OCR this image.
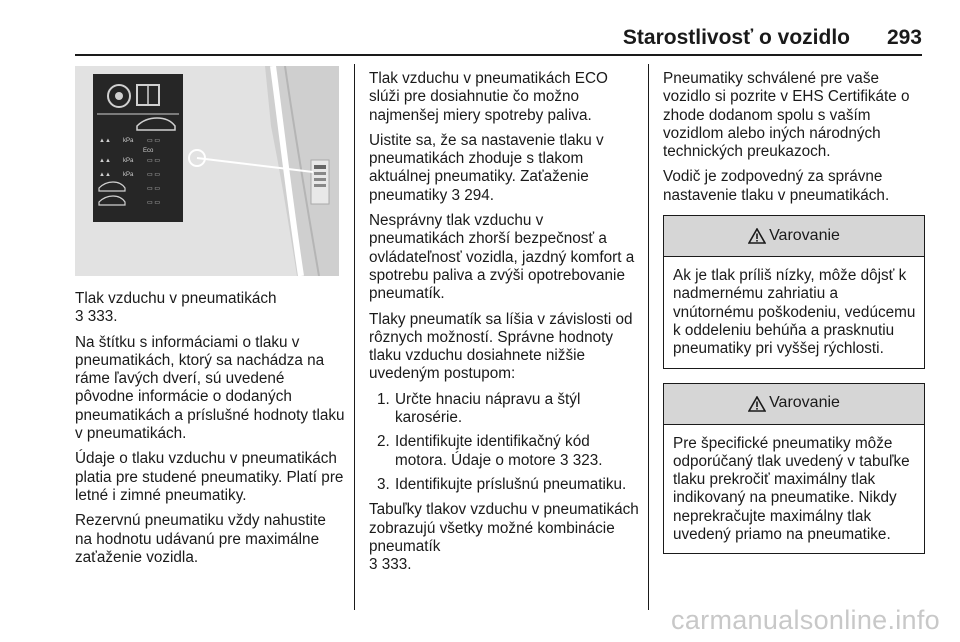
Starostlivosť o vozidlo 293
▲▲ kPa ▭ ▭
Eco
▲▲ kPa ▭ ▭
▲▲ kPa ▭ ▭
▭ ▭
▭ ▭

Tlak vzduchu v pneumatikách
3 333.

Na štítku s informáciami o tlaku v pneumatikách, ktorý sa nachádza na ráme ľavých dverí, sú uvedené pôvodne informácie o dodaných pneumatikách a príslušné hodnoty tlaku v pneumatikách.

Údaje o tlaku vzduchu v pneumatikách platia pre studené pneumatiky. Platí pre letné i zimné pneumatiky.

Rezervnú pneumatiku vždy nahustite na hodnotu udávanú pre maximálne zaťaženie vozidla.

Tlak vzduchu v pneumatikách ECO slúži pre dosiahnutie čo možno najmenšej miery spotreby paliva.

Uistite sa, že sa nastavenie tlaku v pneumatikách zhoduje s tlakom aktuálnej pneumatiky. Zaťaženie pneumatiky 3 294.

Nesprávny tlak vzduchu v pneumatikách zhorší bezpečnosť a ovládateľnosť vozidla, jazdný komfort a spotrebu paliva a zvýši opotrebovanie pneumatík.

Tlaky pneumatík sa líšia v závislosti od rôznych možností. Správne hodnoty tlaku vzduchu dosiahnete nižšie uvedeným postupom:

1. Určte hnaciu nápravu a štýl karosérie.
2. Identifikujte identifikačný kód motora. Údaje o motore 3 323.
3. Identifikujte príslušnú pneumatiku.

Tabuľky tlakov vzduchu v pneumatikách zobrazujú všetky možné kombinácie pneumatík
3 333.

Pneumatiky schválené pre vaše vozidlo si pozrite v EHS Certifikáte o zhode dodanom spolu s vaším vozidlom alebo iných národných technických preukazoch.

Vodič je zodpovedný za správne nastavenie tlaku v pneumatikách.

Varovanie
Ak je tlak príliš nízky, môže dôjsť k nadmernému zahriatiu a vnútornému poškodeniu, vedúcemu k oddeleniu behúňa a prasknutiu pneumatiky pri vyššej rýchlosti.
Varovanie
Pre špecifické pneumatiky môže odporúčaný tlak uvedený v tabuľke tlaku prekročiť maximálny tlak indikovaný na pneumatike. Nikdy neprekračujte maximálny tlak uvedený priamo na pneumatike.
carmanualsonline.info
